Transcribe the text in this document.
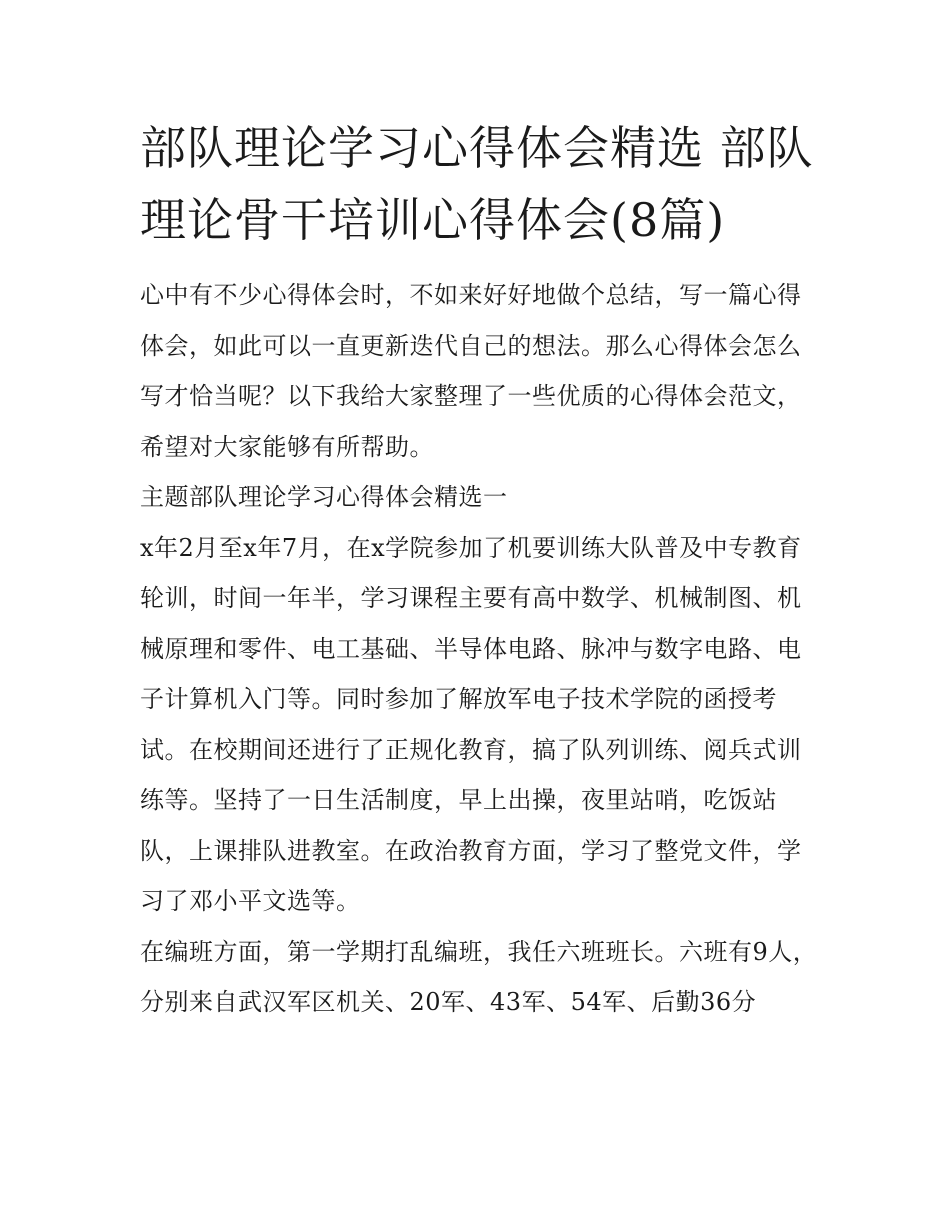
部队理论学习心得体会精选 部队理论骨干培训心得体会(8篇)

心中有不少心得体会时，不如来好好地做个总结，写一篇心得体会，如此可以一直更新迭代自己的想法。那么心得体会怎么写才恰当呢？以下我给大家整理了一些优质的心得体会范文，希望对大家能够有所帮助。

主题部队理论学习心得体会精选一

x年2月至x年7月，在x学院参加了机要训练大队普及中专教育轮训，时间一年半，学习课程主要有高中数学、机械制图、机械原理和零件、电工基础、半导体电路、脉冲与数字电路、电子计算机入门等。同时参加了解放军电子技术学院的函授考试。在校期间还进行了正规化教育，搞了队列训练、阅兵式训练等。坚持了一日生活制度，早上出操，夜里站哨，吃饭站队，上课排队进教室。在政治教育方面，学习了整党文件，学习了邓小平文选等。

在编班方面，第一学期打乱编班，我任六班班长。六班有9人，分别来自武汉军区机关、20军、43军、54军、后勤36分
